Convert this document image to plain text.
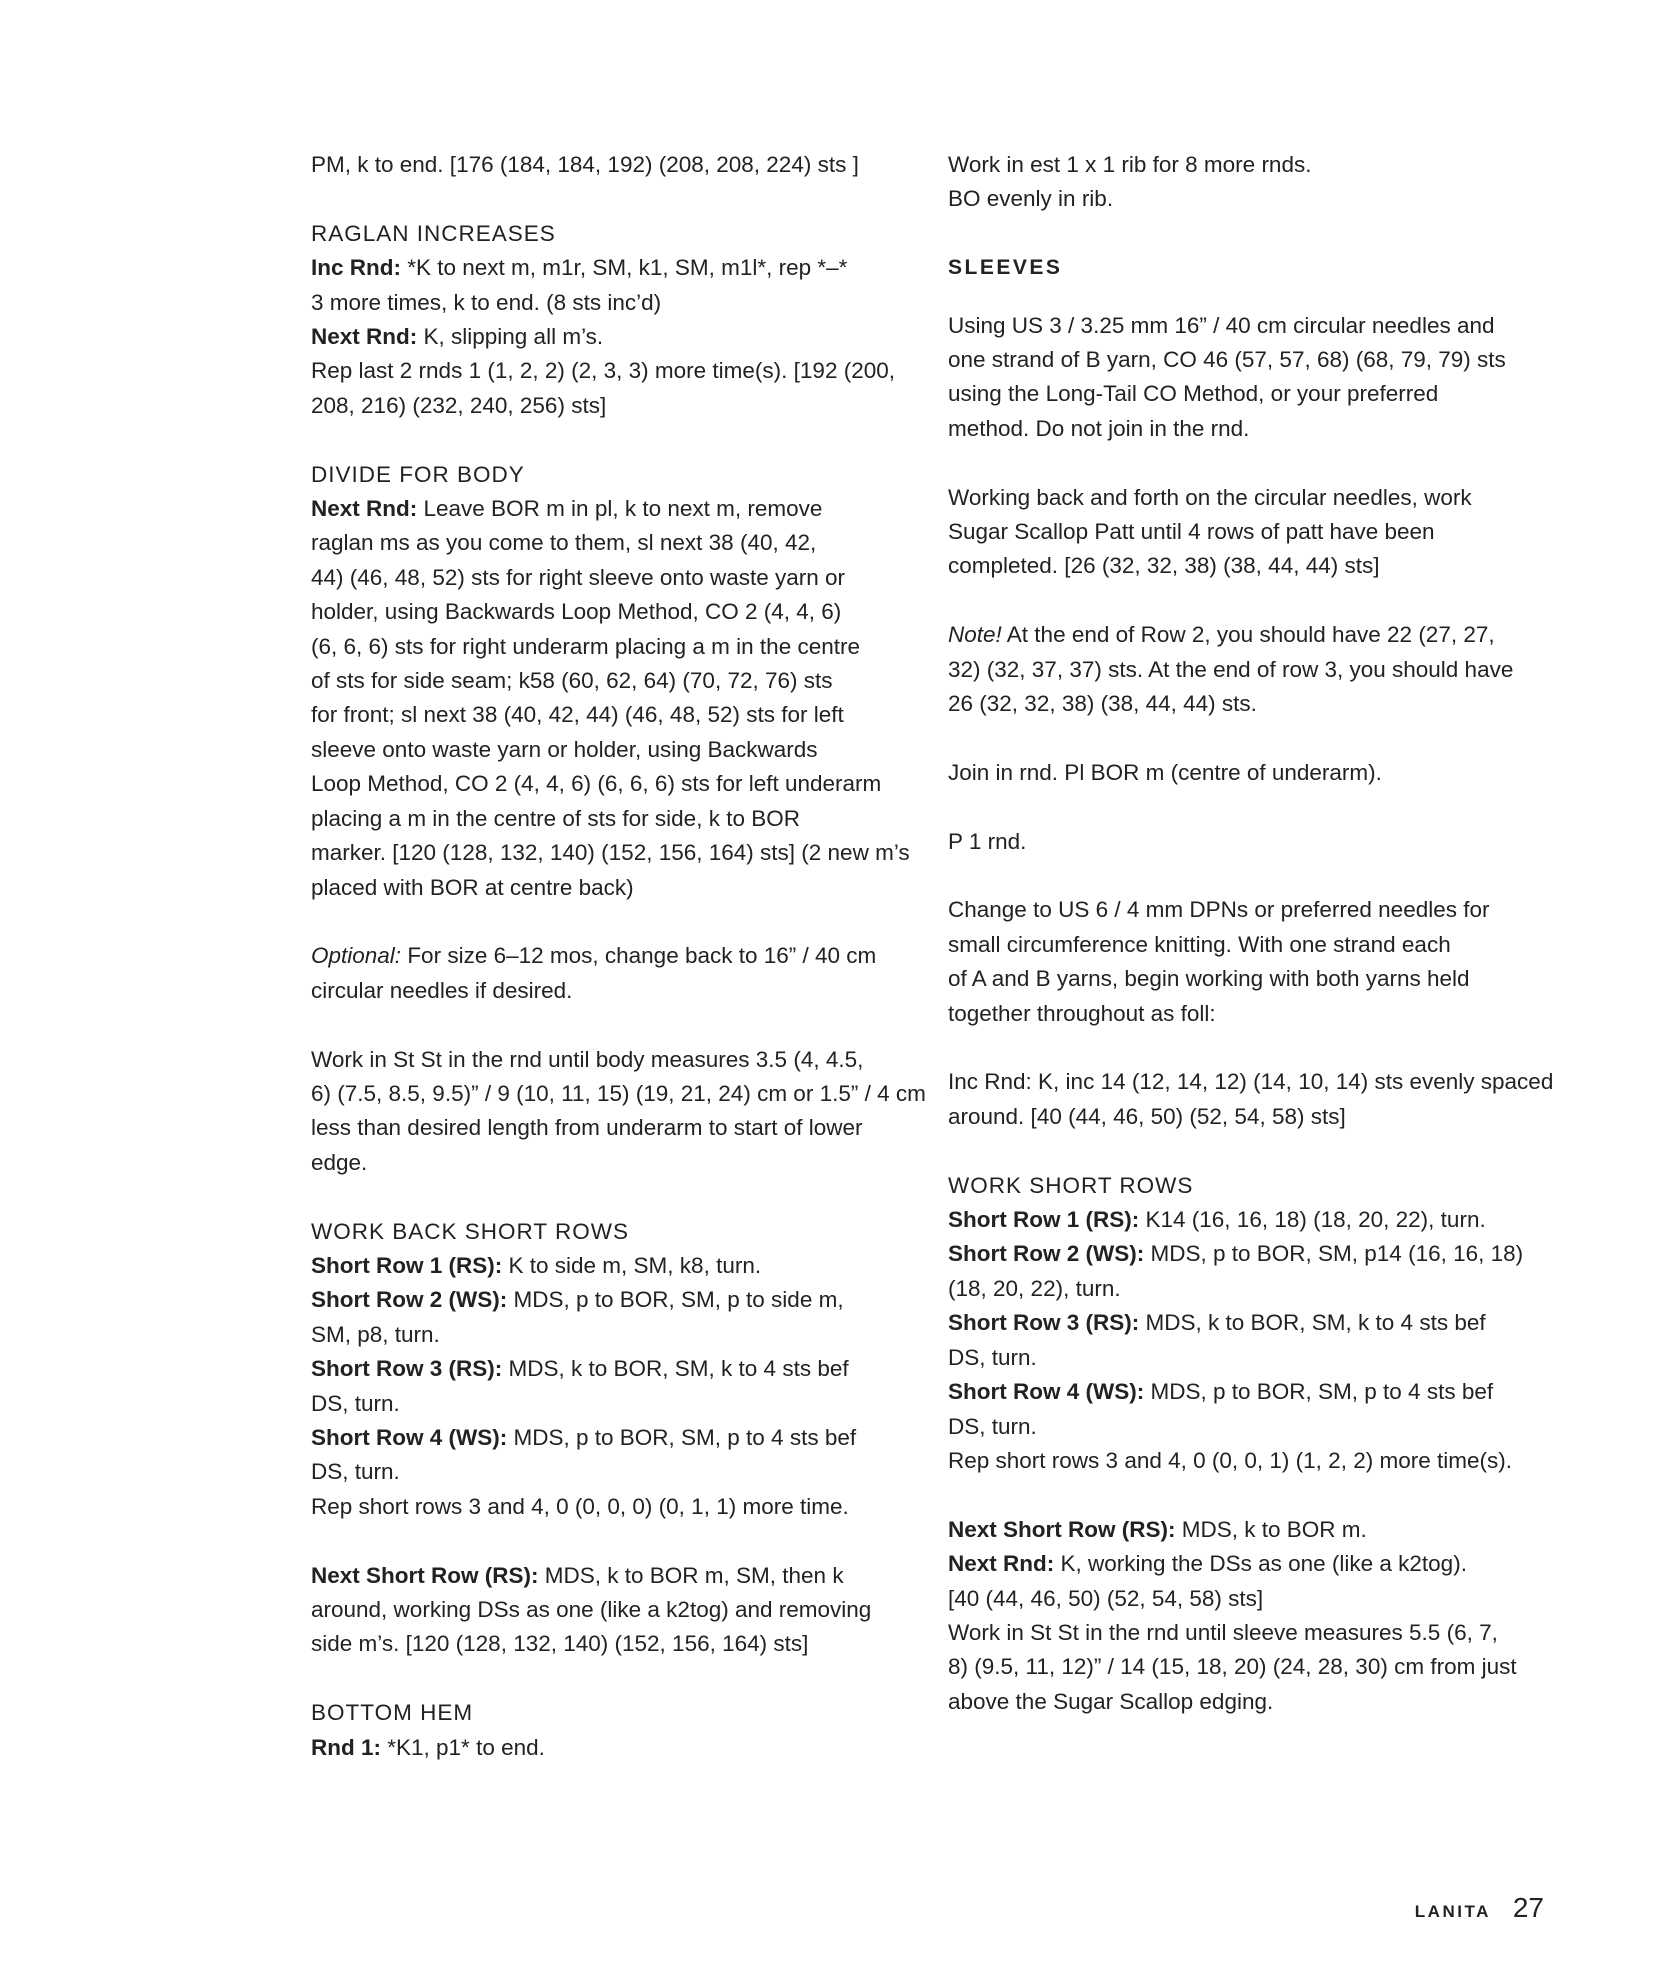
PM, k to end. [176 (184, 184, 192) (208, 208, 224) sts ]
RAGLAN INCREASES
Inc Rnd: *K to next m, m1r, SM, k1, SM, m1l*, rep *–*
3 more times, k to end. (8 sts inc’d)
Next Rnd: K, slipping all m’s.
Rep last 2 rnds 1 (1, 2, 2) (2, 3, 3) more time(s). [192 (200,
208, 216) (232, 240, 256) sts]
DIVIDE FOR BODY
Next Rnd: Leave BOR m in pl, k to next m, remove
raglan ms as you come to them, sl next 38 (40, 42,
44) (46, 48, 52) sts for right sleeve onto waste yarn or
holder, using Backwards Loop Method, CO 2 (4, 4, 6)
(6, 6, 6) sts for right underarm placing a m in the centre
of sts for side seam; k58 (60, 62, 64) (70, 72, 76) sts
for front; sl next 38 (40, 42, 44) (46, 48, 52) sts for left
sleeve onto waste yarn or holder, using Backwards
Loop Method, CO 2 (4, 4, 6) (6, 6, 6) sts for left underarm
placing a m in the centre of sts for side, k to BOR
marker. [120 (128, 132, 140) (152, 156, 164) sts] (2 new m’s
placed with BOR at centre back)
Optional: For size 6–12 mos, change back to 16” / 40 cm
circular needles if desired.
Work in St St in the rnd until body measures 3.5 (4, 4.5,
6) (7.5, 8.5, 9.5)” / 9 (10, 11, 15) (19, 21, 24) cm or 1.5” / 4 cm
less than desired length from underarm to start of lower
edge.
WORK BACK SHORT ROWS
Short Row 1 (RS): K to side m, SM, k8, turn.
Short Row 2 (WS): MDS, p to BOR, SM, p to side m,
SM, p8, turn.
Short Row 3 (RS): MDS, k to BOR, SM, k to 4 sts bef
DS, turn.
Short Row 4 (WS): MDS, p to BOR, SM, p to 4 sts bef
DS, turn.
Rep short rows 3 and 4, 0 (0, 0, 0) (0, 1, 1) more time.
Next Short Row (RS): MDS, k to BOR m, SM, then k
around, working DSs as one (like a k2tog) and removing
side m’s. [120 (128, 132, 140) (152, 156, 164) sts]
BOTTOM HEM
Rnd 1: *K1, p1* to end.
Work in est 1 x 1 rib for 8 more rnds.
BO evenly in rib.
SLEEVES
Using US 3 / 3.25 mm 16” / 40 cm circular needles and
one strand of B yarn, CO 46 (57, 57, 68) (68, 79, 79) sts
using the Long-Tail CO Method, or your preferred
method. Do not join in the rnd.
Working back and forth on the circular needles, work
Sugar Scallop Patt until 4 rows of patt have been
completed. [26 (32, 32, 38) (38, 44, 44) sts]
Note! At the end of Row 2, you should have 22 (27, 27,
32) (32, 37, 37) sts. At the end of row 3, you should have
26 (32, 32, 38) (38, 44, 44) sts.
Join in rnd. Pl BOR m (centre of underarm).
P 1 rnd.
Change to US 6 / 4 mm DPNs or preferred needles for
small circumference knitting. With one strand each
of A and B yarns, begin working with both yarns held
together throughout as foll:
Inc Rnd: K, inc 14 (12, 14, 12) (14, 10, 14) sts evenly spaced
around. [40 (44, 46, 50) (52, 54, 58) sts]
WORK SHORT ROWS
Short Row 1 (RS): K14 (16, 16, 18) (18, 20, 22), turn.
Short Row 2 (WS): MDS, p to BOR, SM, p14 (16, 16, 18)
(18, 20, 22), turn.
Short Row 3 (RS): MDS, k to BOR, SM, k to 4 sts bef
DS, turn.
Short Row 4 (WS): MDS, p to BOR, SM, p to 4 sts bef
DS, turn.
Rep short rows 3 and 4, 0 (0, 0, 1) (1, 2, 2) more time(s).
Next Short Row (RS): MDS, k to BOR m.
Next Rnd: K, working the DSs as one (like a k2tog).
[40 (44, 46, 50) (52, 54, 58) sts]
Work in St St in the rnd until sleeve measures 5.5 (6, 7,
8) (9.5, 11, 12)” / 14 (15, 18, 20) (24, 28, 30) cm from just
above the Sugar Scallop edging.
LANITA 27
